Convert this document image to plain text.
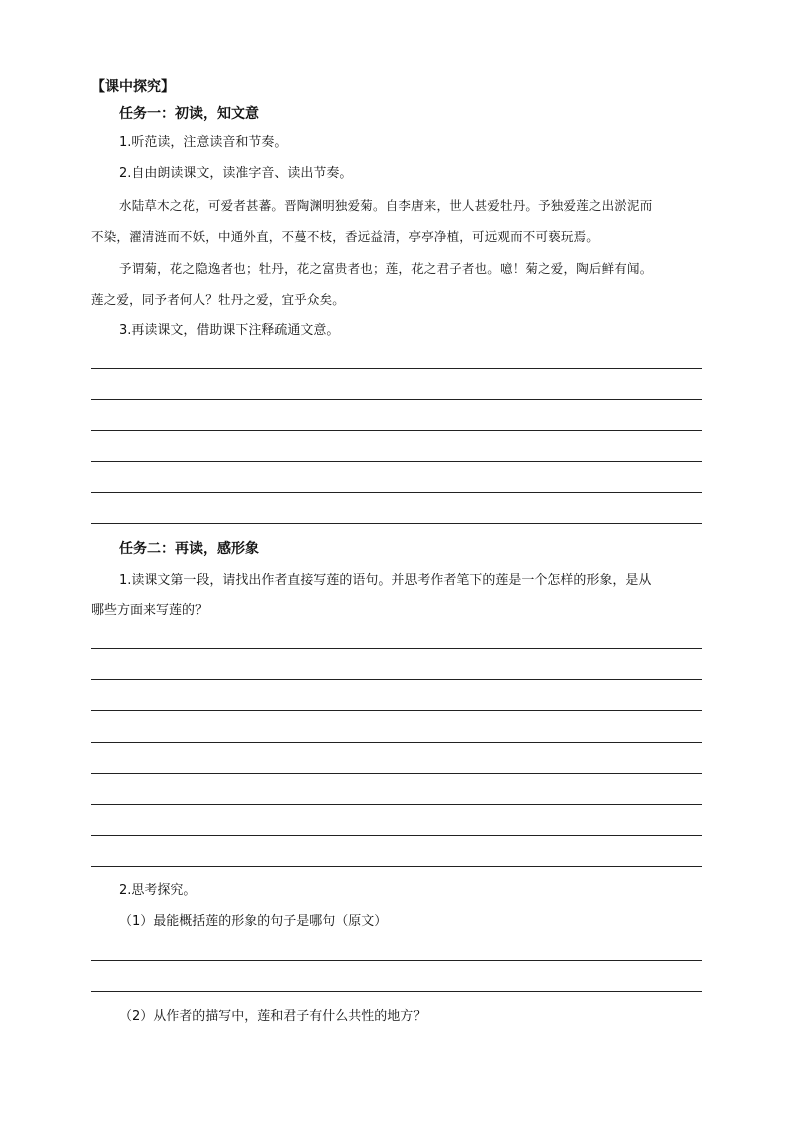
【课中探究】
任务一：初读，知文意
1.听范读，注意读音和节奏。
2.自由朗读课文，读准字音、读出节奏。
水陆草木之花，可爱者甚蕃。晋陶渊明独爱菊。自李唐来，世人甚爱牡丹。予独爱莲之出淤泥而
不染，濯清涟而不妖，中通外直，不蔓不枝，香远益清，亭亭净植，可远观而不可亵玩焉。
予谓菊，花之隐逸者也；牡丹，花之富贵者也；莲，花之君子者也。噫！菊之爱，陶后鲜有闻。
莲之爱，同予者何人？牡丹之爱，宜乎众矣。
3.再读课文，借助课下注释疏通文意。
任务二：再读，感形象
1.读课文第一段，请找出作者直接写莲的语句。并思考作者笔下的莲是一个怎样的形象，是从
哪些方面来写莲的？
2.思考探究。
（1）最能概括莲的形象的句子是哪句（原文）
（2）从作者的描写中，莲和君子有什么共性的地方？
